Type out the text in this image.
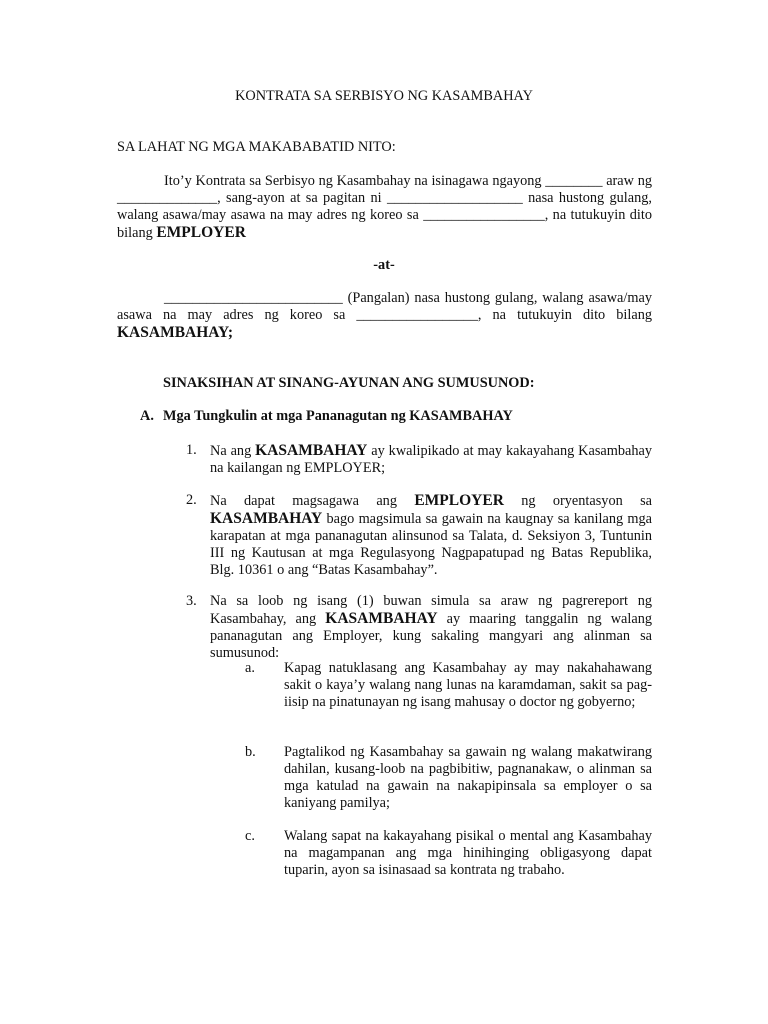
KONTRATA SA SERBISYO NG KASAMBAHAY
SA LAHAT NG MGA MAKABABATID NITO:
Ito’y Kontrata sa Serbisyo ng Kasambahay na isinagawa ngayong ________ araw ng ______________, sang-ayon at sa pagitan ni ___________________ nasa hustong gulang, walang asawa/may asawa na may adres ng koreo sa _________________, na tutukuyin dito bilang EMPLOYER
-at-
_________________________ (Pangalan) nasa hustong gulang, walang asawa/may asawa na may adres ng koreo sa _________________, na tutukuyin dito bilang KASAMBAHAY;
SINAKSIHAN AT SINANG-AYUNAN ANG SUMUSUNOD:
A. Mga Tungkulin at mga Pananagutan ng KASAMBAHAY
1. Na ang KASAMBAHAY ay kwalipikado at may kakayahang Kasambahay na kailangan ng EMPLOYER;
2. Na dapat magsagawa ang EMPLOYER ng oryentasyon sa KASAMBAHAY bago magsimula sa gawain na kaugnay sa kanilang mga karapatan at mga pananagutan alinsunod sa Talata, d. Seksiyon 3, Tuntunin III ng Kautusan at mga Regulasyong Nagpapatupad ng Batas Republika, Blg. 10361 o ang “Batas Kasambahay”.
3. Na sa loob ng isang (1) buwan simula sa araw ng pagrereport ng Kasambahay, ang KASAMBAHAY ay maaring tanggalin ng walang pananagutan ang Employer, kung sakaling mangyari ang alinman sa sumusunod:
a. Kapag natuklasang ang Kasambahay ay may nakahahawang sakit o kaya’y walang nang lunas na karamdaman, sakit sa pag-iisip na pinatunayan ng isang mahusay o doctor ng gobyerno;
b. Pagtalikod ng Kasambahay sa gawain ng walang makatwirang dahilan, kusang-loob na pagbibitiw, pagnanakaw, o alinman sa mga katulad na gawain na nakapipinsala sa employer o sa kaniyang pamilya;
c. Walang sapat na kakayahang pisikal o mental ang Kasambahay na magampanan ang mga hinihinging obligasyong dapat tuparin, ayon sa isinasaad sa kontrata ng trabaho.
